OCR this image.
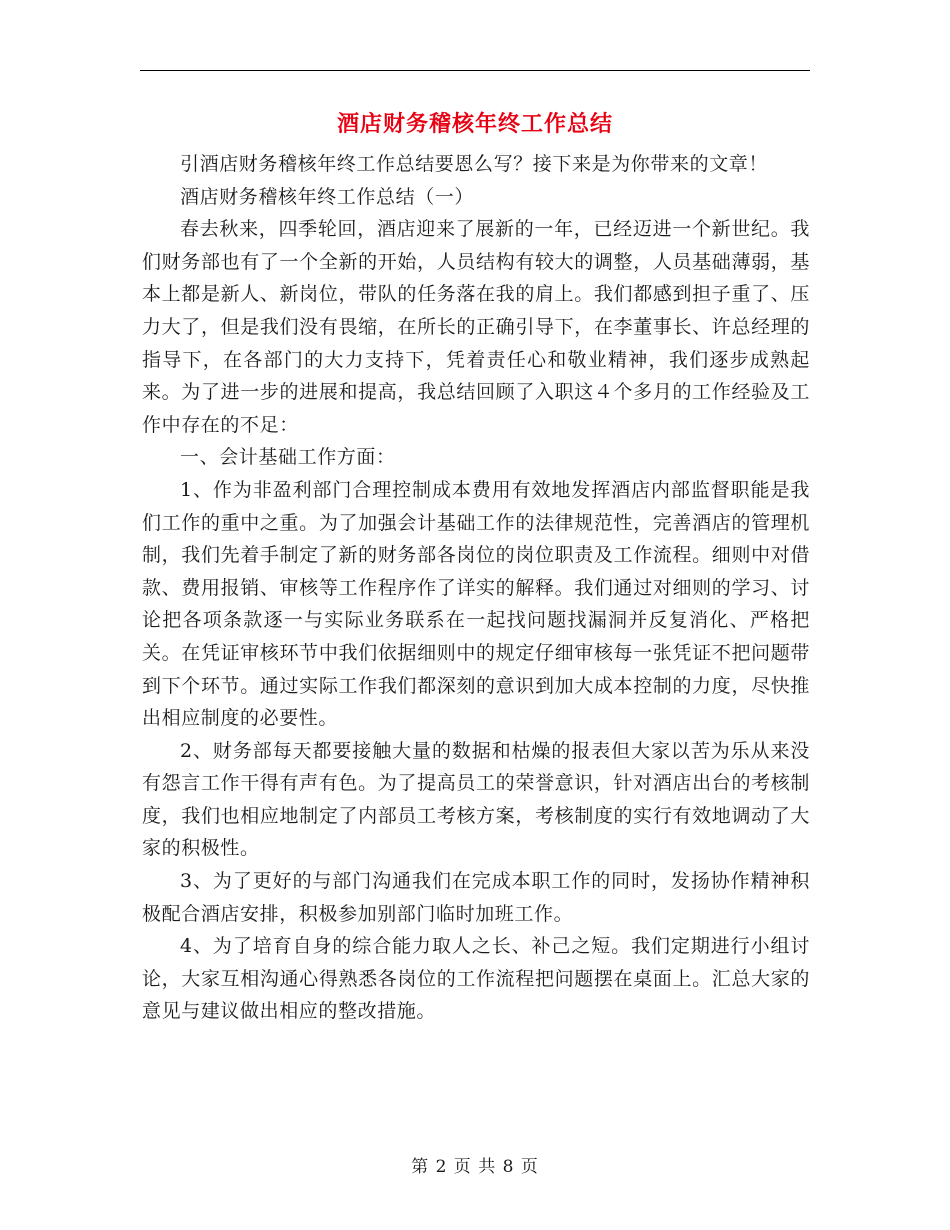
酒店财务稽核年终工作总结

引酒店财务稽核年终工作总结要恩么写？接下来是为你带来的文章！

酒店财务稽核年终工作总结（一）

春去秋来，四季轮回，酒店迎来了展新的一年，已经迈进一个新世纪。我们财务部也有了一个全新的开始，人员结构有较大的调整，人员基础薄弱，基本上都是新人、新岗位，带队的任务落在我的肩上。我们都感到担子重了、压力大了，但是我们没有畏缩，在所长的正确引导下，在李董事长、许总经理的指导下，在各部门的大力支持下，凭着责任心和敬业精神，我们逐步成熟起来。为了进一步的进展和提高，我总结回顾了入职这４个多月的工作经验及工作中存在的不足：

一、会计基础工作方面：

1、作为非盈利部门合理控制成本费用有效地发挥酒店内部监督职能是我们工作的重中之重。为了加强会计基础工作的法律规范性，完善酒店的管理机制，我们先着手制定了新的财务部各岗位的岗位职责及工作流程。细则中对借款、费用报销、审核等工作程序作了详实的解释。我们通过对细则的学习、讨论把各项条款逐一与实际业务联系在一起找问题找漏洞并反复消化、严格把关。在凭证审核环节中我们依据细则中的规定仔细审核每一张凭证不把问题带到下个环节。通过实际工作我们都深刻的意识到加大成本控制的力度，尽快推出相应制度的必要性。

2、财务部每天都要接触大量的数据和枯燥的报表但大家以苦为乐从来没有怨言工作干得有声有色。为了提高员工的荣誉意识，针对酒店出台的考核制度，我们也相应地制定了内部员工考核方案，考核制度的实行有效地调动了大家的积极性。

3、为了更好的与部门沟通我们在完成本职工作的同时，发扬协作精神积极配合酒店安排，积极参加别部门临时加班工作。

4、为了培育自身的综合能力取人之长、补己之短。我们定期进行小组讨论，大家互相沟通心得熟悉各岗位的工作流程把问题摆在桌面上。汇总大家的意见与建议做出相应的整改措施。

第 2 页 共 8 页
